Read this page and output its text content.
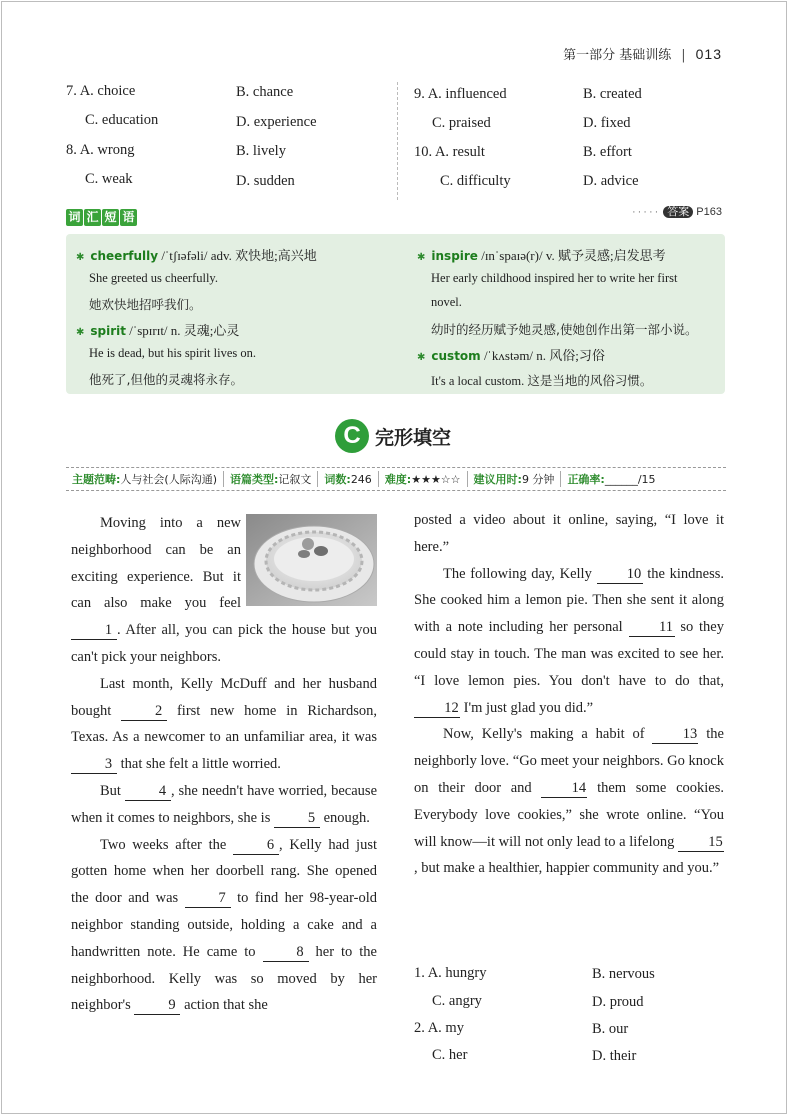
第一部分 基础训练 | 013
7. A. choice	B. chance
C. education	D. experience
8. A. wrong	B. lively
C. weak	D. sudden
9. A. influenced	B. created
C. praised	D. fixed
10. A. result	B. effort
C. difficulty	D. advice
词 汇 短 语	····· 答案 P163
✱ cheerfully /ˈtʃɪəfəli/ adv. 欢快地;高兴地
She greeted us cheerfully.
她欢快地招呼我们。
✱ spirit /ˈspɪrɪt/ n. 灵魂;心灵
He is dead, but his spirit lives on.
他死了,但他的灵魂将永存。
✱ inspire /ɪnˈspaɪə(r)/ v. 赋予灵感;启发思考
Her early childhood inspired her to write her first
novel.
幼时的经历赋予她灵感,使她创作出第一部小说。
✱ custom /ˈkʌstəm/ n. 风俗;习俗
It's a local custom. 这是当地的风俗习惯。
C 完形填空
主题范畴:人与社会(人际沟通)	语篇类型:记叙文	词数:246	难度:★★★☆☆	建议用时:9 分钟	正确率:______/15

Moving into a new neighborhood can be an exciting experience. But it can also make you feel 1 . After all, you can pick the house but you can't pick your neighbors.

Last month, Kelly McDuff and her husband bought 2 first new home in Richardson, Texas. As a newcomer to an unfamiliar area, it was 3 that she felt a little worried.

But 4 , she needn't have worried, because when it comes to neighbors, she is 5 enough.

Two weeks after the 6 , Kelly had just gotten home when her doorbell rang. She opened the door and was 7 to find her 98-year-old neighbor standing outside, holding a cake and a handwritten note. He came to 8 her to the neighborhood. Kelly was so moved by her neighbor's 9 action that she

posted a video about it online, saying, “I love it here.”

The following day, Kelly 10 the kindness. She cooked him a lemon pie. Then she sent it along with a note including her personal 11 so they could stay in touch. The man was excited to see her. “I love lemon pies. You don't have to do that, 12 I'm just glad you did.”

Now, Kelly's making a habit of 13 the neighborly love. “Go meet your neighbors. Go knock on their door and 14 them some cookies. Everybody love cookies,” she wrote online. “You will know—it will not only lead to a lifelong 15, but make a healthier, happier community and you.”

1. A. hungry	B. nervous
C. angry	D. proud
2. A. my	B. our
C. her	D. their
